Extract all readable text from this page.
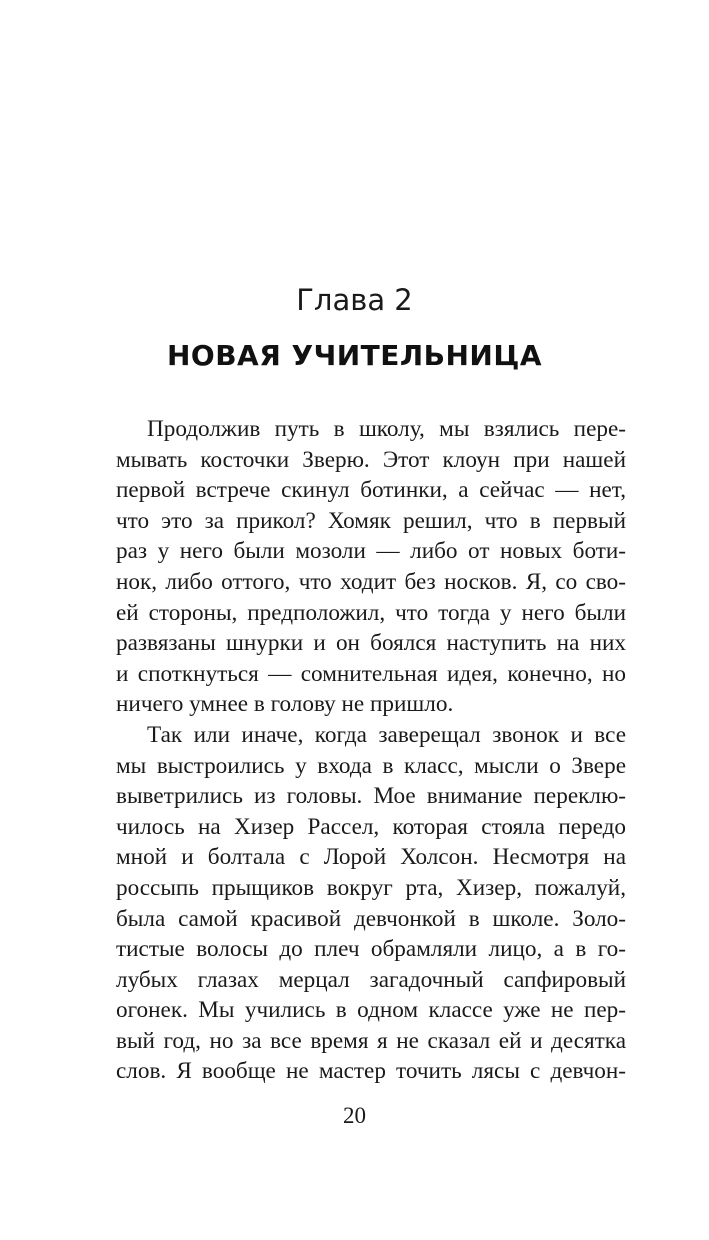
Глава 2
НОВАЯ УЧИТЕЛЬНИЦА
Продолжив путь в школу, мы взялись пере-
мывать косточки Зверю. Этот клоун при нашей
первой встрече скинул ботинки, а сейчас — нет,
что это за прикол? Хомяк решил, что в первый
раз у него были мозоли — либо от новых боти-
нок, либо оттого, что ходит без носков. Я, со сво-
ей стороны, предположил, что тогда у него были
развязаны шнурки и он боялся наступить на них
и споткнуться — сомнительная идея, конечно, но
ничего умнее в голову не пришло.
Так или иначе, когда заверещал звонок и все
мы выстроились у входа в класс, мысли о Звере
выветрились из головы. Мое внимание переклю-
чилось на Хизер Рассел, которая стояла передо
мной и болтала с Лорой Холсон. Несмотря на
россыпь прыщиков вокруг рта, Хизер, пожалуй,
была самой красивой девчонкой в школе. Золо-
тистые волосы до плеч обрамляли лицо, а в го-
лубых глазах мерцал загадочный сапфировый
огонек. Мы учились в одном классе уже не пер-
вый год, но за все время я не сказал ей и десятка
слов. Я вообще не мастер точить лясы с девчон-
20
